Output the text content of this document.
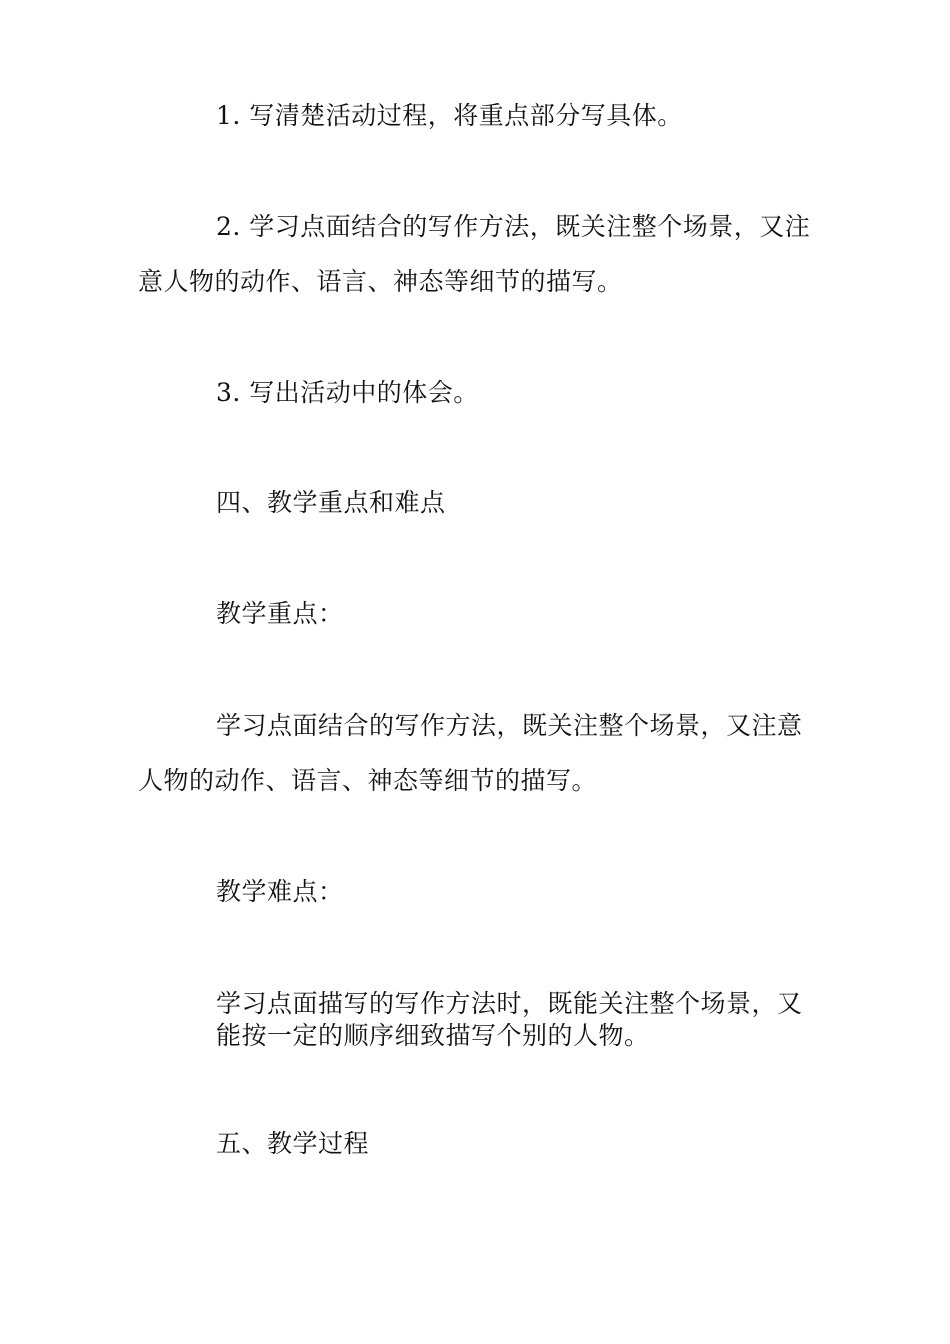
1. 写清楚活动过程，将重点部分写具体。
2. 学习点面结合的写作方法，既关注整个场景，又注
意人物的动作、语言、神态等细节的描写。
3. 写出活动中的体会。
四、教学重点和难点
教学重点：
学习点面结合的写作方法，既关注整个场景，又注意
人物的动作、语言、神态等细节的描写。
教学难点：
学习点面描写的写作方法时，既能关注整个场景，又
能按一定的顺序细致描写个别的人物。
五、教学过程
